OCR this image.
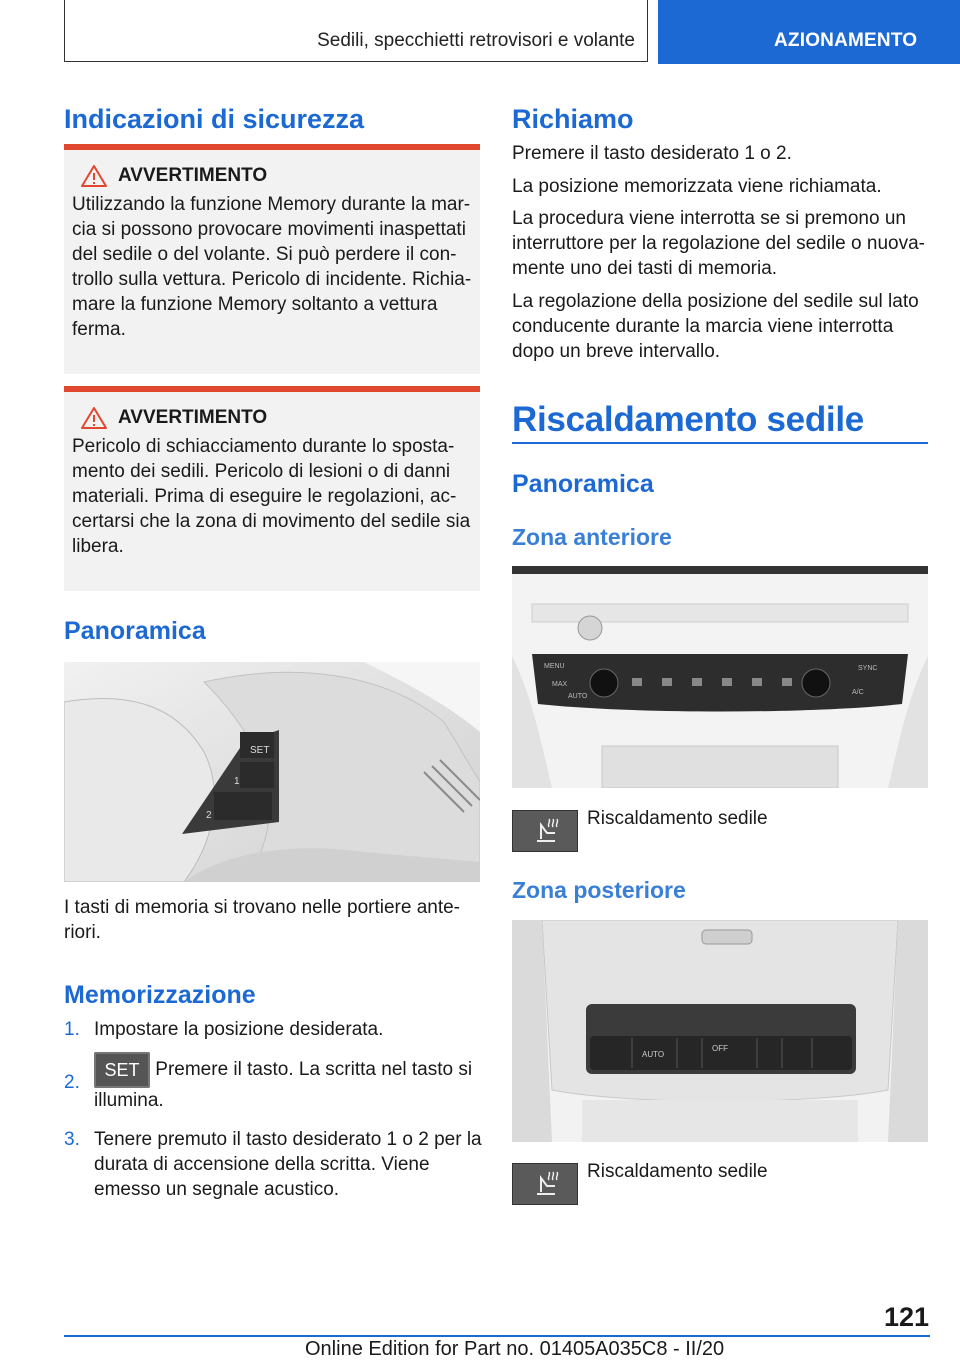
Sedili, specchietti retrovisori e volante	AZIONAMENTO
Indicazioni di sicurezza
AVVERTIMENTO
Utilizzando la funzione Memory durante la mar-cia si possono provocare movimenti inaspettati del sedile o del volante. Si può perdere il con-trollo sulla vettura. Pericolo di incidente. Richia-mare la funzione Memory soltanto a vettura ferma.
AVVERTIMENTO
Pericolo di schiacciamento durante lo sposta-mento dei sedili. Pericolo di lesioni o di danni materiali. Prima di eseguire le regolazioni, ac-certarsi che la zona di movimento del sedile sia libera.
Panoramica
SET
1
2

I tasti di memoria si trovano nelle portiere ante-riori.

Memorizzazione
1. Impostare la posizione desiderata.
2.
SET Premere il tasto. La scritta nel tasto si illumina.
3. Tenere premuto il tasto desiderato 1 o 2 per la durata di accensione della scritta. Viene emesso un segnale acustico.
Richiamo

Premere il tasto desiderato 1 o 2.

La posizione memorizzata viene richiamata.

La procedura viene interrotta se si premono un interruttore per la regolazione del sedile o nuova-mente uno dei tasti di memoria.

La regolazione della posizione del sedile sul lato conducente durante la marcia viene interrotta dopo un breve intervallo.

Riscaldamento sedile
Panoramica
Zona anteriore
MENU
MAX
AUTO
SYNC
A/C

Riscaldamento sedile

Zona posteriore
AUTO
OFF

Riscaldamento sedile

121
Online Edition for Part no. 01405A035C8 - II/20
